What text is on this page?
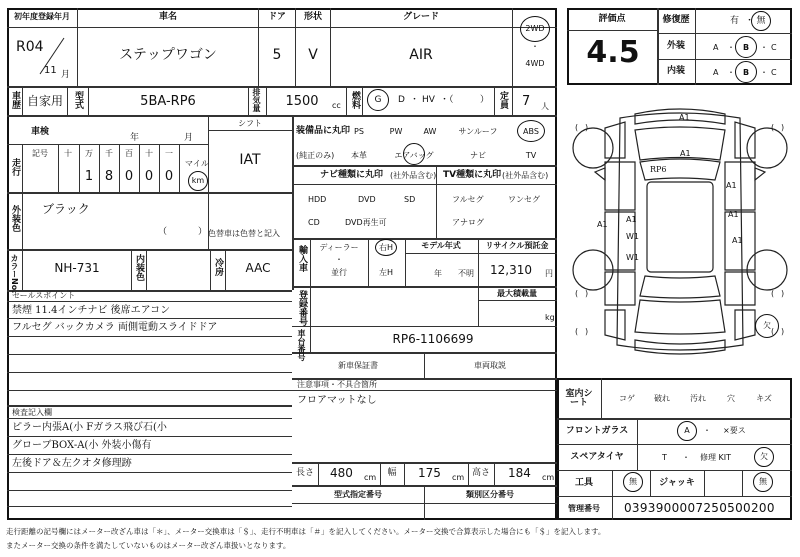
初年度登録年月	車名	ドア 形状	グレード
R04
11 月
ステップワゴン	5 V	AIR
2WD
・
4WD
車歴 自家用 型式	5BA-RP6	排気量 1500 cc 燃料 G D ・ HV ・（	） 定員 7 人
車検
年	月
シフト
IAT
走行
記号 十 万 千 百 十 一
1 8 0 0 0
マイル
km
外装色 ブラック
（	） 色替車は色替と記入
カラーNo.	NH-731	内装色	冷房 AAC
装備品に丸印
(純正のみ)
PS	PW	AW	サンルーフ	ABS
本革	エアバッグ	ナビ	TV
ナビ種類に丸印 (社外品含む) TV種類に丸印 (社外品含む)
HDD	DVD	SD
CD	DVD再生可
フルセグ	ワンセグ
アナログ
輸入車 ディーラー
・
並行
右H
左H
モデル年式
年 不明
リサイクル預託金
12,310 円
登録番号	最大積載量
kg
車台番号	RP6-1106699
新車保証書	車両取説
注意事項・不具合箇所
フロアマットなし
セールスポイント
禁煙 11.4インチナビ 後席エアコン
フルセグ バックカメラ 両側電動スライドドア
検査記入欄
ピラー内張A(小 Fガラス飛び石(小
グローブBOX-A(小 外装小傷有
左後ドア＆左クオタ修理跡
長さ 480 cm 幅 175 cm 高さ 184 cm
型式指定番号	類別区分番号
評価点
4.5
修復歴	有 ・ 無
外装	A ・ B ・ C
内装	A ・ B ・ C
( )	( )
( )	( )
( )	( )
A1
A1
RP6
A1
A1
A1
A1
W1	A1
W1
欠
室内シート	コゲ 破れ	汚れ	穴	キズ
フロントガラス	A ・ ×要ス
スペアタイヤ	T ・ 修理 KIT	欠
工具	無 ジャッキ	無
管理番号 0393900007250500200
走行距離の記号欄にはメーター改ざん車は「＊」、メーター交換車は「＄」、走行不明車は「＃」を記入してください。メーター交換で合算表示した場合にも「＄」を記入します。
またメーター交換の条件を満たしていないものはメーター改ざん車扱いとなります。
